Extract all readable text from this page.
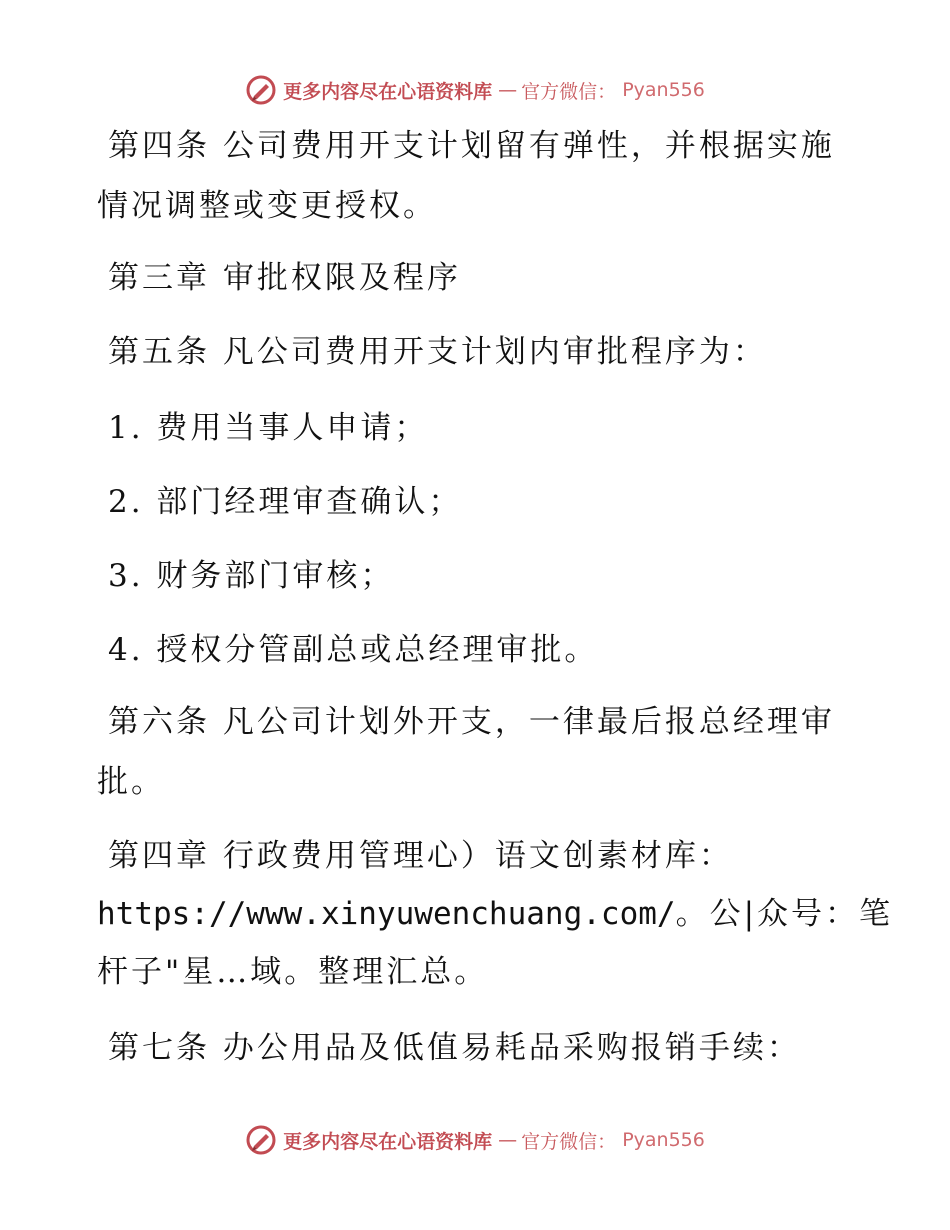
更多内容尽在心语资料库 — 官方微信： Pyan556
第四条 公司费用开支计划留有弹性，并根据实施
情况调整或变更授权。
第三章 审批权限及程序
第五条 凡公司费用开支计划内审批程序为：
1. 费用当事人申请；
2. 部门经理审查确认；
3. 财务部门审核；
4. 授权分管副总或总经理审批。
第六条 凡公司计划外开支，一律最后报总经理审
批。
第四章 行政费用管理心）语文创素材库：
https://www.xinyuwenchuang.com/。公|众号：笔
杆子"星…域。整理汇总。
第七条 办公用品及低值易耗品采购报销手续：
更多内容尽在心语资料库 — 官方微信： Pyan556
